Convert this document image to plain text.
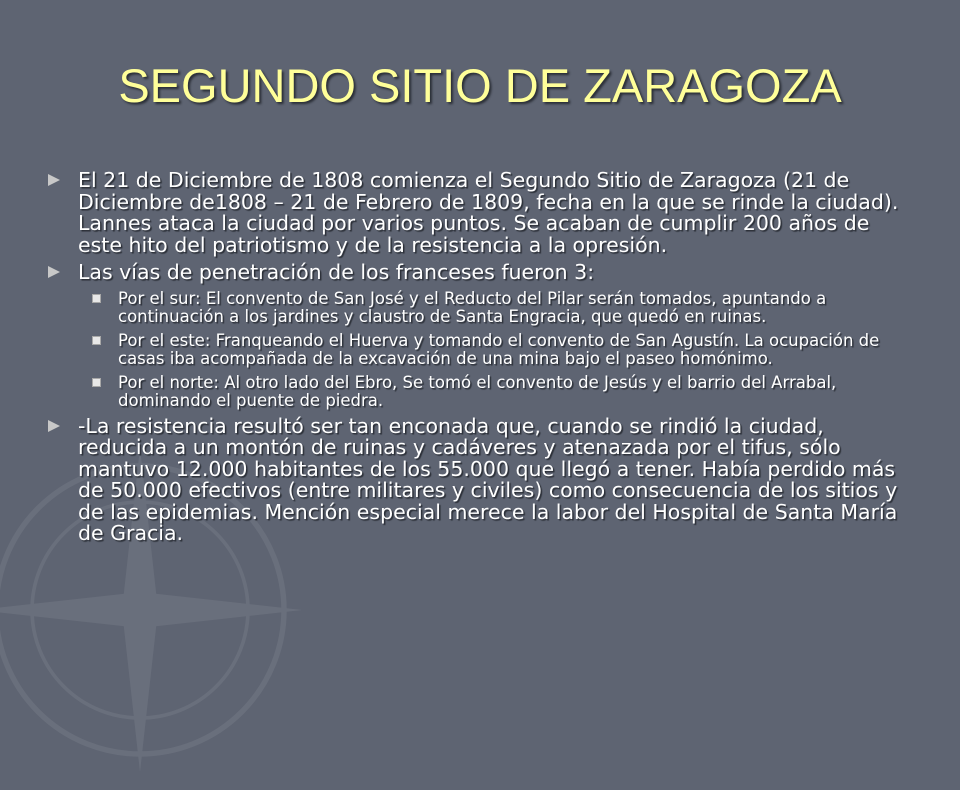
SEGUNDO SITIO DE ZARAGOZA
El 21 de Diciembre de 1808 comienza el Segundo Sitio de Zaragoza (21 de Diciembre de1808 – 21 de Febrero de 1809, fecha en la que se rinde la ciudad). Lannes ataca la ciudad por varios puntos. Se acaban de cumplir 200 años de este hito del patriotismo y de la resistencia a la opresión.
Las vías de penetración de los franceses fueron 3:
Por el sur: El convento de San José y el Reducto del Pilar serán tomados, apuntando a continuación a los jardines y claustro de Santa Engracia, que quedó en ruinas.
Por el este: Franqueando el Huerva y tomando el convento de San Agustín. La ocupación de casas iba acompañada de la excavación de una mina bajo el paseo homónimo.
Por el norte: Al otro lado del Ebro, Se tomó el convento de Jesús y el barrio del Arrabal, dominando el puente de piedra.
-La resistencia resultó ser tan enconada que, cuando se rindió la ciudad, reducida a un montón de ruinas y cadáveres y atenazada por el tifus, sólo mantuvo 12.000 habitantes de los 55.000 que llegó a tener. Había perdido más de 50.000 efectivos (entre militares y civiles) como consecuencia de los sitios y de las epidemias. Mención especial merece la labor del Hospital de Santa María de Gracia.
